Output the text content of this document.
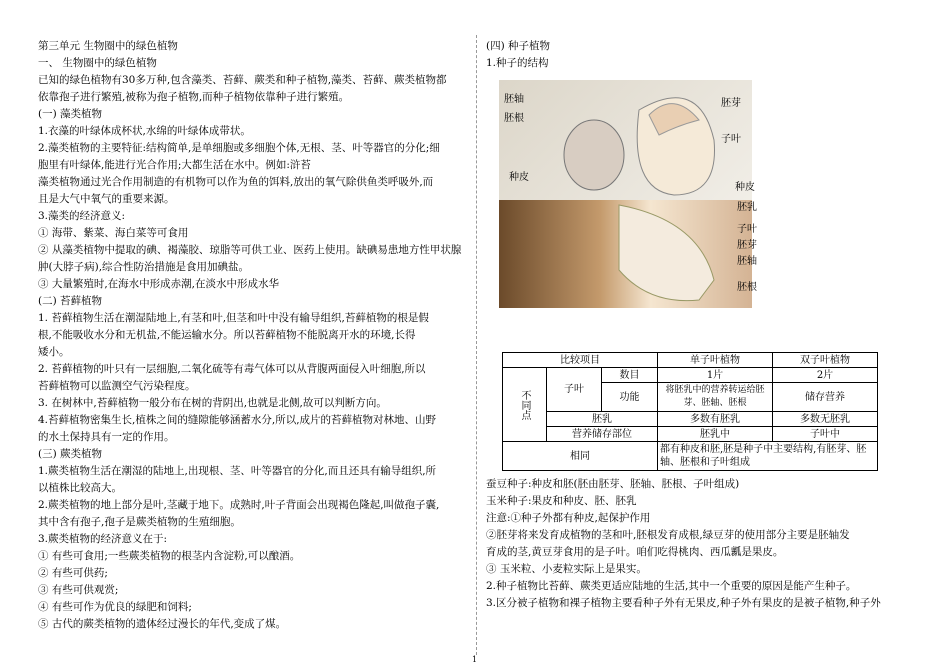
第三单元 生物圈中的绿色植物
一、 生物圈中的绿色植物
已知的绿色植物有30多万种,包含藻类、苔藓、蕨类和种子植物,藻类、苔藓、蕨类植物都
依靠孢子进行繁殖,被称为孢子植物,而种子植物依靠种子进行繁殖。
(一) 藻类植物
1.衣藻的叶绿体成杯状,水绵的叶绿体成带状。
2.藻类植物的主要特征:结构简单,是单细胞或多细胞个体,无根、茎、叶等器官的分化;细
胞里有叶绿体,能进行光合作用;大都生活在水中。例如:浒苔
藻类植物通过光合作用制造的有机物可以作为鱼的饵料,放出的氧气除供鱼类呼吸外,而
且是大气中氧气的重要来源。
3.藻类的经济意义:
① 海带、紫菜、海白菜等可食用
② 从藻类植物中提取的碘、褐藻胶、琼脂等可供工业、医药上使用。缺碘易患地方性甲状腺
肿(大脖子病),综合性防治措施是食用加碘盐。
③ 大量繁殖时,在海水中形成赤潮,在淡水中形成水华
(二) 苔藓植物
1. 苔藓植物生活在潮湿陆地上,有茎和叶,但茎和叶中没有输导组织,苔藓植物的根是假
根,不能吸收水分和无机盐,不能运输水分。所以苔藓植物不能脱离开水的环境,长得
矮小。
2. 苔藓植物的叶只有一层细胞,二氧化硫等有毒气体可以从背腹两面侵入叶细胞,所以
苔藓植物可以监测空气污染程度。
3. 在树林中,苔藓植物一般分布在树的背阴出,也就是北侧,故可以判断方向。
4.苔藓植物密集生长,植株之间的缝隙能够涵蓄水分,所以,成片的苔藓植物对林地、山野
的水土保持具有一定的作用。
(三) 蕨类植物
1.蕨类植物生活在潮湿的陆地上,出现根、茎、叶等器官的分化,而且还具有输导组织,所
以植株比较高大。
2.蕨类植物的地上部分是叶,茎藏于地下。成熟时,叶子背面会出现褐色隆起,叫做孢子囊,
其中含有孢子,孢子是蕨类植物的生殖细胞。
3.蕨类植物的经济意义在于:
① 有些可食用;一些蕨类植物的根茎内含淀粉,可以酿酒。
② 有些可供药;
③ 有些可供观赏;
④ 有些可作为优良的绿肥和饲料;
⑤ 古代的蕨类植物的遗体经过漫长的年代,变成了煤。
(四) 种子植物
1.种子的结构
胚轴
胚根
种皮
胚芽
子叶
种皮
胚乳
子叶
胚芽
胚轴
胚根
比较项目			单子叶植物	双子叶植物
不同点	子叶	数目	1片	2片
		功能	将胚乳中的营养转运给胚芽、胚轴、胚根	储存营养
	胚乳		多数有胚乳	多数无胚乳
	营养储存部位		胚乳中	子叶中
相同			都有种皮和胚,胚是种子中主要结构,有胚芽、胚轴、胚根和子叶组成	
蚕豆种子:种皮和胚(胚由胚芽、胚轴、胚根、子叶组成)
玉米种子:果皮和种皮、胚、胚乳
注意:①种子外都有种皮,起保护作用
②胚芽将来发育成植物的茎和叶,胚根发育成根,绿豆芽的使用部分主要是胚轴发
育成的茎,黄豆芽食用的是子叶。咱们吃得桃肉、西瓜瓤是果皮。
③ 玉米粒、小麦粒实际上是果实。
2.种子植物比苔藓、蕨类更适应陆地的生活,其中一个重要的原因是能产生种子。
3.区分被子植物和裸子植物主要看种子外有无果皮,种子外有果皮的是被子植物,种子外
1
